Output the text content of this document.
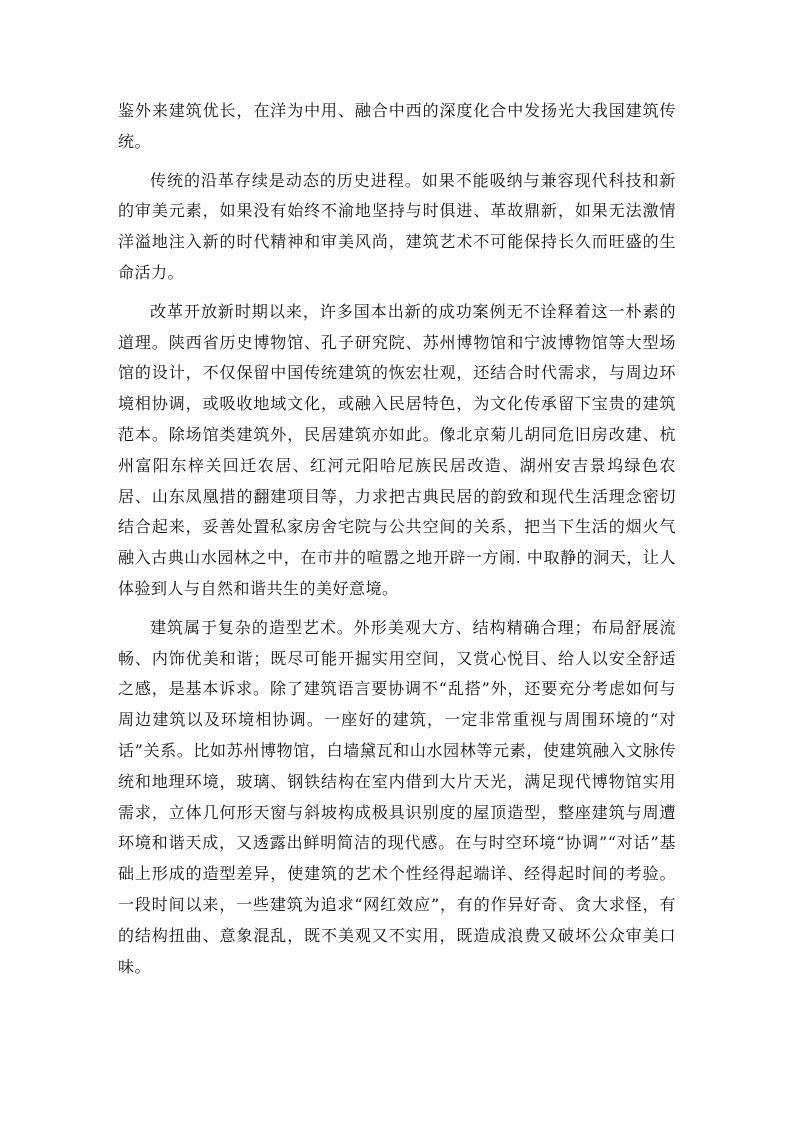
鉴外来建筑优长，在洋为中用、融合中西的深度化合中发扬光大我国建筑传统。

传统的沿革存续是动态的历史进程。如果不能吸纳与兼容现代科技和新的审美元素，如果没有始终不渝地坚持与时俱进、革故鼎新，如果无法激情洋溢地注入新的时代精神和审美风尚，建筑艺术不可能保持长久而旺盛的生命活力。

改革开放新时期以来，许多国本出新的成功案例无不诠释着这一朴素的道理。陕西省历史博物馆、孔子研究院、苏州博物馆和宁波博物馆等大型场馆的设计，不仅保留中国传统建筑的恢宏壮观，还结合时代需求，与周边环境相协调，或吸收地域文化，或融入民居特色，为文化传承留下宝贵的建筑范本。除场馆类建筑外，民居建筑亦如此。像北京菊儿胡同危旧房改建、杭州富阳东梓关回迁农居、红河元阳哈尼族民居改造、湖州安吉景坞绿色农居、山东凤凰措的翻建项目等，力求把古典民居的韵致和现代生活理念密切结合起来，妥善处置私家房舍宅院与公共空间的关系，把当下生活的烟火气融入古典山水园林之中，在市井的喧嚣之地开辟一方闹. 中取静的洞天，让人体验到人与自然和谐共生的美好意境。

建筑属于复杂的造型艺术。外形美观大方、结构精确合理；布局舒展流畅、内饰优美和谐；既尽可能开掘实用空间，又赏心悦目、给人以安全舒适之感，是基本诉求。除了建筑语言要协调不“乱搭”外，还要充分考虑如何与周边建筑以及环境相协调。一座好的建筑，一定非常重视与周围环境的“对话”关系。比如苏州博物馆，白墙黛瓦和山水园林等元素，使建筑融入文脉传统和地理环境，玻璃、钢铁结构在室内借到大片天光，满足现代博物馆实用需求，立体几何形天窗与斜坡构成极具识别度的屋顶造型，整座建筑与周遭环境和谐天成，又透露出鲜明简洁的现代感。在与时空环境“协调”“对话”基础上形成的造型差异，使建筑的艺术个性经得起端详、经得起时间的考验。一段时间以来，一些建筑为追求“网红效应”，有的作异好奇、贪大求怪，有的结构扭曲、意象混乱，既不美观又不实用，既造成浪费又破坏公众审美口味。
